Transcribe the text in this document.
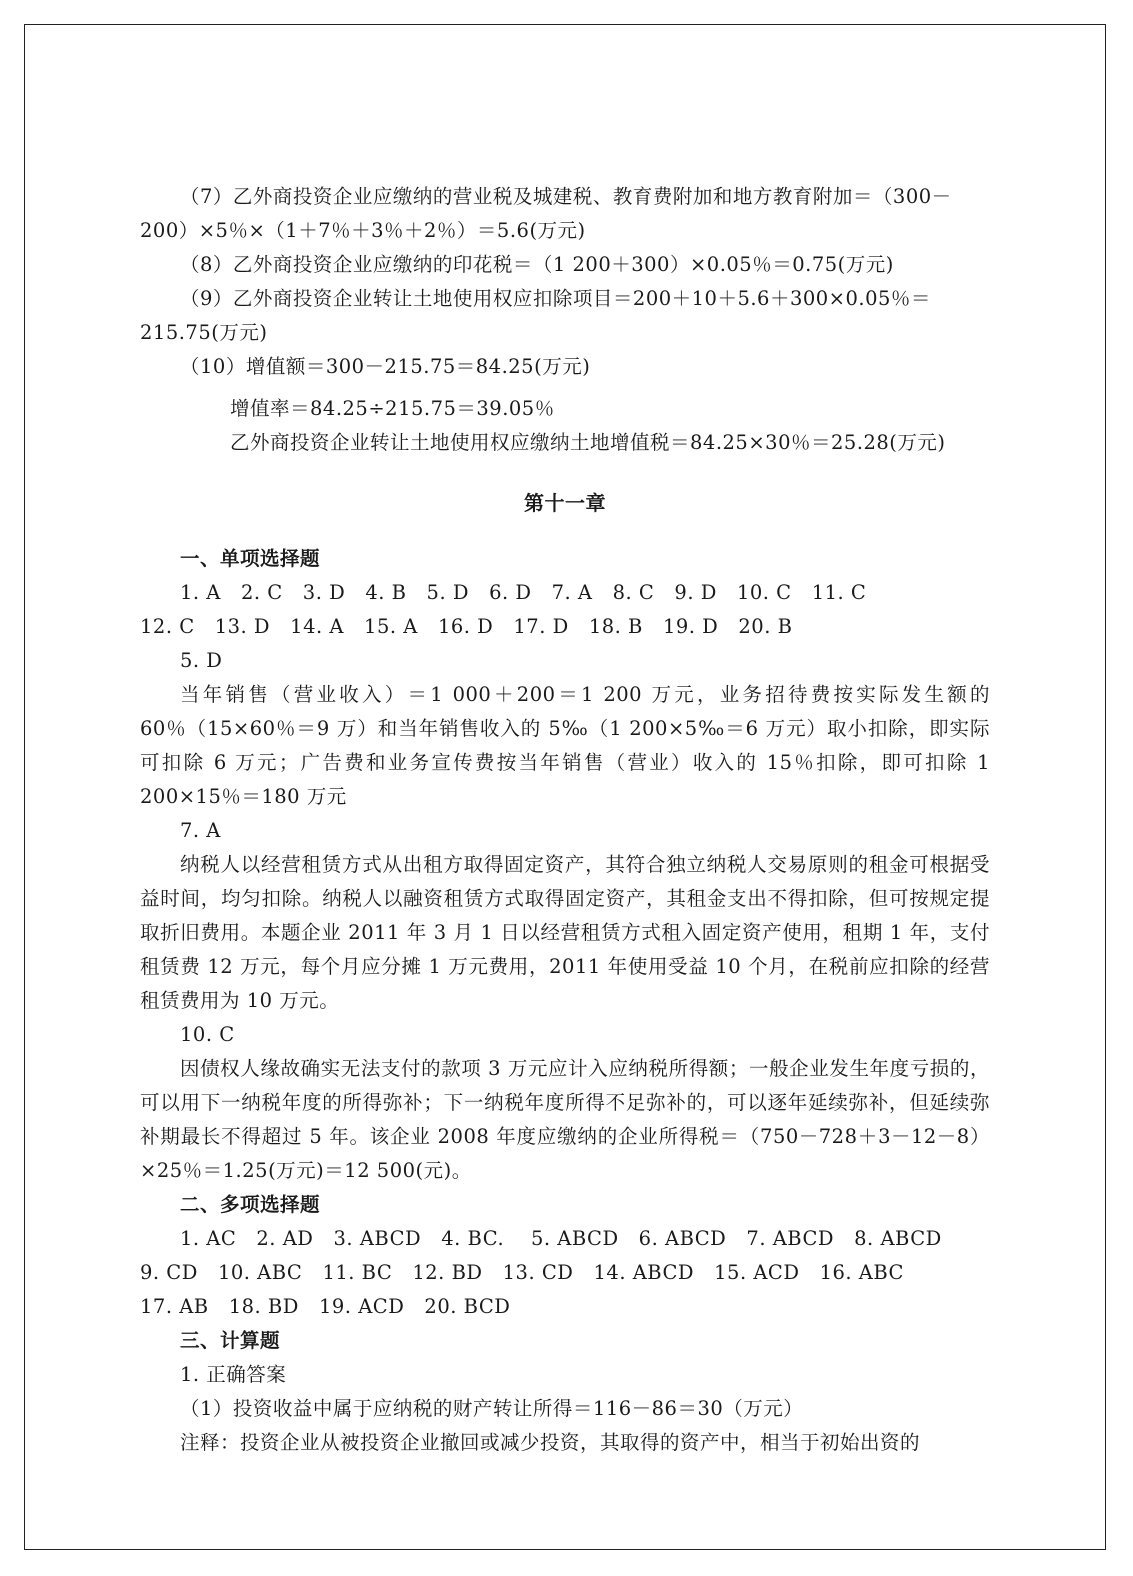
（7）乙外商投资企业应缴纳的营业税及城建税、教育费附加和地方教育附加＝（300－

200）×5％×（1＋7％＋3％＋2％）＝5.6(万元)

（8）乙外商投资企业应缴纳的印花税＝（1 200＋300）×0.05％＝0.75(万元)

（9）乙外商投资企业转让土地使用权应扣除项目＝200＋10＋5.6＋300×0.05％＝

215.75(万元)

（10）增值额＝300－215.75＝84.25(万元)

增值率＝84.25÷215.75＝39.05％

乙外商投资企业转让土地使用权应缴纳土地增值税＝84.25×30％＝25.28(万元)

第十一章

一、单项选择题

1. A   2. C   3. D   4. B   5. D   6. D   7. A   8. C   9. D   10. C   11. C

12. C   13. D   14. A   15. A   16. D   17. D   18. B   19. D   20. B

5. D

当年销售（营业收入）＝1 000＋200＝1 200 万元，业务招待费按实际发生额的 60％（15×60％＝9 万）和当年销售收入的 5‰（1 200×5‰＝6 万元）取小扣除，即实际可扣除 6 万元；广告费和业务宣传费按当年销售（营业）收入的 15％扣除，即可扣除 1 200×15％＝180 万元

7. A

纳税人以经营租赁方式从出租方取得固定资产，其符合独立纳税人交易原则的租金可根据受益时间，均匀扣除。纳税人以融资租赁方式取得固定资产，其租金支出不得扣除，但可按规定提取折旧费用。本题企业 2011 年 3 月 1 日以经营租赁方式租入固定资产使用，租期 1 年，支付租赁费 12 万元，每个月应分摊 1 万元费用，2011 年使用受益 10 个月，在税前应扣除的经营租赁费用为 10 万元。

10. C

因债权人缘故确实无法支付的款项 3 万元应计入应纳税所得额；一般企业发生年度亏损的，可以用下一纳税年度的所得弥补；下一纳税年度所得不足弥补的，可以逐年延续弥补，但延续弥补期最长不得超过 5 年。该企业 2008 年度应缴纳的企业所得税＝（750－728＋3－12－8）×25％＝1.25(万元)＝12 500(元)。

二、多项选择题

1. AC   2. AD   3. ABCD   4. BC.    5. ABCD   6. ABCD   7. ABCD   8. ABCD

9. CD   10. ABC   11. BC   12. BD   13. CD   14. ABCD   15. ACD   16. ABC

17. AB   18. BD   19. ACD   20. BCD

三、计算题

1. 正确答案

（1）投资收益中属于应纳税的财产转让所得＝116－86＝30（万元）

注释：投资企业从被投资企业撤回或减少投资，其取得的资产中，相当于初始出资的
